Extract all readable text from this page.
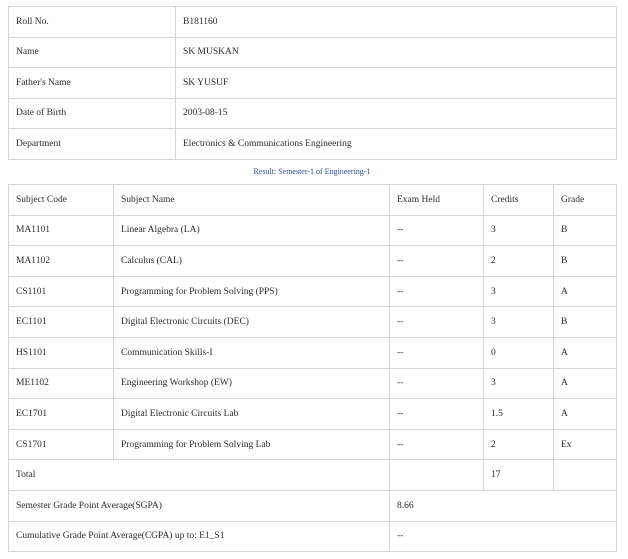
Roll No.	B181160
Name	SK MUSKAN
Father's Name	SK YUSUF
Date of Birth	2003-08-15
Department	Electronics & Communications Engineering
Result: Semester-1 of Engineering-1
Subject Code	Subject Name	Exam Held	Credits	Grade
MA1101	Linear Algebra (LA)	--	3	B
MA1102	Calculus (CAL)	--	2	B
CS1101	Programming for Problem Solving (PPS)	--	3	A
EC1101	Digital Electronic Circuits (DEC)	--	3	B
HS1101	Communication Skills-I	--	0	A
ME1102	Engineering Workshop (EW)	--	3	A
EC1701	Digital Electronic Circuits Lab	--	1.5	A
CS1701	Programming for Problem Solving Lab	--	2	Ex
Total			17	
Semester Grade Point Average(SGPA)		8.66		
Cumulative Grade Point Average(CGPA) up to: E1_S1		--		
